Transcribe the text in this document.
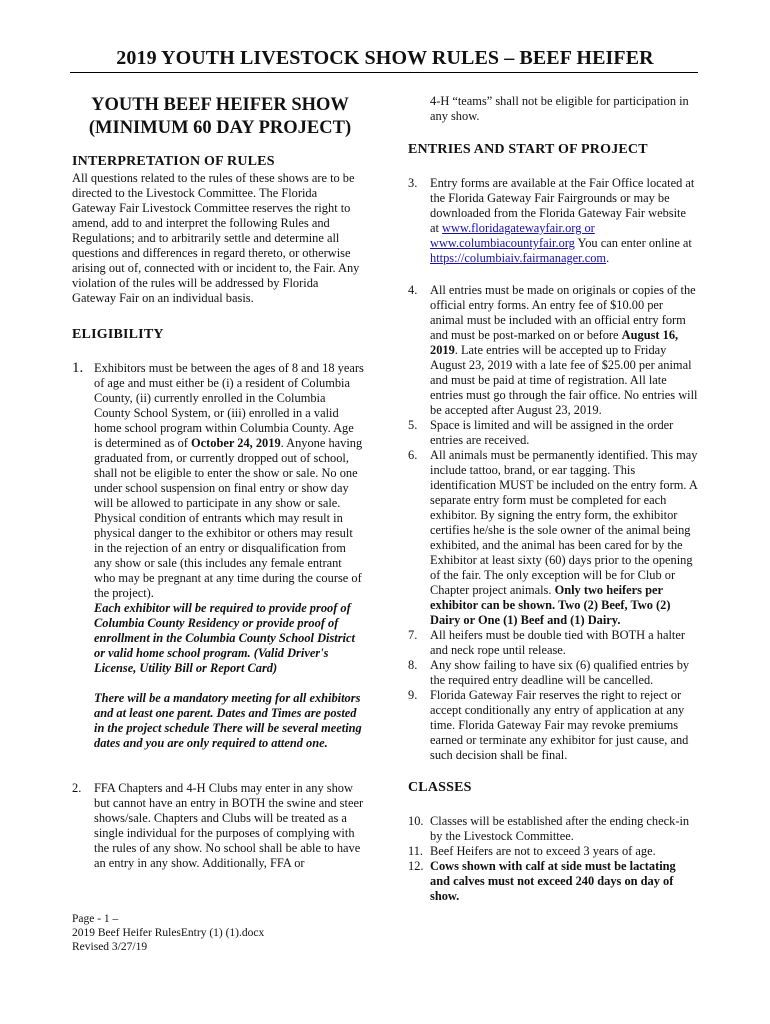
2019 YOUTH LIVESTOCK SHOW RULES – BEEF HEIFER

YOUTH BEEF HEIFER SHOW
(MINIMUM 60 DAY PROJECT)

INTERPRETATION OF RULES

All questions related to the rules of these shows are to be directed to the Livestock Committee. The Florida Gateway Fair Livestock Committee reserves the right to amend, add to and interpret the following Rules and Regulations; and to arbitrarily settle and determine all questions and differences in regard thereto, or otherwise arising out of, connected with or incident to, the Fair. Any violation of the rules will be addressed by Florida Gateway Fair on an individual basis.

ELIGIBILITY
1. Exhibitors must be between the ages of 8 and 18 years of age and must either be (i) a resident of Columbia County, (ii) currently enrolled in the Columbia County School System, or (iii) enrolled in a valid home school program within Columbia County. Age is determined as of October 24, 2019. Anyone having graduated from, or currently dropped out of school, shall not be eligible to enter the show or sale. No one under school suspension on final entry or show day will be allowed to participate in any show or sale. Physical condition of entrants which may result in physical danger to the exhibitor or others may result in the rejection of an entry or disqualification from any show or sale (this includes any female entrant who may be pregnant at any time during the course of the project).
Each exhibitor will be required to provide proof of Columbia County Residency or provide proof of enrollment in the Columbia County School District or valid home school program. (Valid Driver's License, Utility Bill or Report Card)
There will be a mandatory meeting for all exhibitors and at least one parent. Dates and Times are posted in the project schedule There will be several meeting dates and you are only required to attend one.
2. FFA Chapters and 4-H Clubs may enter in any show but cannot have an entry in BOTH the swine and steer shows/sale. Chapters and Clubs will be treated as a single individual for the purposes of complying with the rules of any show. No school shall be able to have an entry in any show. Additionally, FFA or
4-H “teams” shall not be eligible for participation in any show.
ENTRIES AND START OF PROJECT
3. Entry forms are available at the Fair Office located at the Florida Gateway Fair Fairgrounds or may be downloaded from the Florida Gateway Fair website at www.floridagatewayfair.org or www.columbiacountyfair.org You can enter online at https://columbiaiv.fairmanager.com.
4. All entries must be made on originals or copies of the official entry forms. An entry fee of $10.00 per animal must be included with an official entry form and must be post-marked on or before August 16, 2019. Late entries will be accepted up to Friday August 23, 2019 with a late fee of $25.00 per animal and must be paid at time of registration. All late entries must go through the fair office. No entries will be accepted after August 23, 2019.
5. Space is limited and will be assigned in the order entries are received.
6. All animals must be permanently identified. This may include tattoo, brand, or ear tagging. This identification MUST be included on the entry form. A separate entry form must be completed for each exhibitor. By signing the entry form, the exhibitor certifies he/she is the sole owner of the animal being exhibited, and the animal has been cared for by the Exhibitor at least sixty (60) days prior to the opening of the fair. The only exception will be for Club or Chapter project animals. Only two heifers per exhibitor can be shown. Two (2) Beef, Two (2) Dairy or One (1) Beef and (1) Dairy.
7. All heifers must be double tied with BOTH a halter and neck rope until release.
8. Any show failing to have six (6) qualified entries by the required entry deadline will be cancelled.
9. Florida Gateway Fair reserves the right to reject or accept conditionally any entry of application at any time. Florida Gateway Fair may revoke premiums earned or terminate any exhibitor for just cause, and such decision shall be final.
CLASSES
10. Classes will be established after the ending check-in by the Livestock Committee.
11. Beef Heifers are not to exceed 3 years of age.
12. Cows shown with calf at side must be lactating and calves must not exceed 240 days on day of show.
Page - 1 –
2019 Beef Heifer RulesEntry (1) (1).docx
Revised 3/27/19
